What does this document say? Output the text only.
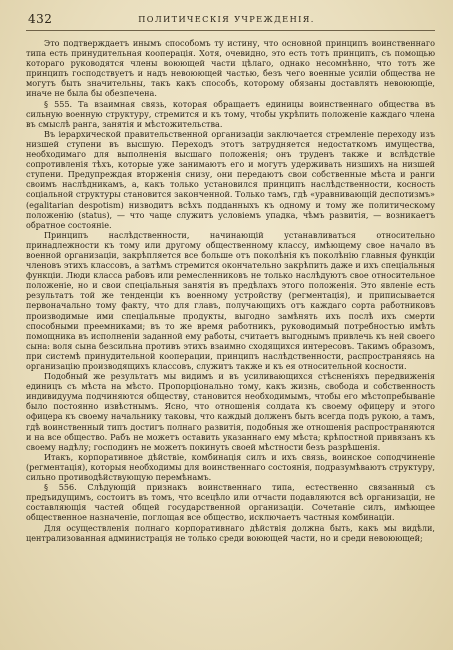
432	ПОЛИТИЧЕСКІЯ УЧРЕЖДЕНІЯ.

Это подтверждаетъ инымъ способомъ ту истину, что основной принципъ воинственнаго типа есть принудительная кооперація. Хотя, очевидно, это есть тотъ принципъ, съ помощью котораго руководятся члены воюющей части цѣлаго, однако несомнѣнно, что тотъ же принципъ господствуетъ и надъ невоюющей частью, безъ чего военные усиліи общества не могутъ быть значительны, такъ какъ способъ, которому обязаны доставлять невоюющіе, иначе не была бы обезпечена.

§ 555. Та взаимная связь, которая обращаетъ единицы воинственнаго общества въ сильную военную структуру, стремится и къ тому, чтобы укрѣпить положеніе каждаго члена въ смыслѣ ранга, занятія и мѣстожительства.

Въ іерархической правительственной организаціи заключается стремленіе переходу изъ низшей ступени въ высшую. Переходъ этотъ затрудняется недостаткомъ имущества, необходимаго для выполненія высшаго положенія; онъ труденъ также и вслѣдствіе сопротивленія тѣхъ, которые уже занимаютъ его и могутъ удерживать низшихъ на низшей ступени. Предупреждая вторженія снизу, они передаютъ свои собственные мѣста и ранги своимъ наслѣдникамъ, а, какъ только установился принципъ наслѣдственности, косность соціальной структуры становится законченной. Только тамъ, гдѣ «уравнивающій деспотизмъ» (egalitarian despotism) низводитъ всѣхъ подданныхъ къ одному и тому же политическому положенію (status), — что чаще служитъ условіемъ упадка, чѣмъ развитія, — возникаетъ обратное состояніе.

Принципъ наслѣдственности, начинающій устанавливаться относительно принадлежности къ тому или другому общественному классу, имѣющему свое начало въ военной организаціи, закрѣпляется все больше отъ поколѣнія къ поколѣнію главныя функціи членовъ этихъ классовъ, а затѣмъ стремится окончательно закрѣпить даже и ихъ спеціальныя функціи. Люди класса рабовъ или ремесленниковъ не только наслѣдуютъ свое относительное положеніе, но и свои спеціальныя занятія въ предѣлахъ этого положенія. Это явленіе есть результатъ той же тенденціи къ военному устройству (регментація), и приписывается первоначально тому факту, что для главъ, получающихъ отъ каждаго сорта работниковъ производимые ими спеціальные продукты, выгодно замѣнять ихъ послѣ ихъ смерти способными преемниками; въ то же время работникъ, руководимый потребностью имѣть помощника въ исполненіи заданной ему работы, считаетъ выгоднымъ привлечь къ ней своего сына: воля сына безсильна противъ этихъ взаимно сходящихся интересовъ. Такимъ образомъ, при системѣ принудительной кооперации, принципъ наслѣдственности, распространяясь на организацію производящихъ классовъ, служитъ также и къ ея относительной косности.

Подобный же результатъ мы видимъ и въ усиливающихся стѣсненіяхъ передвиженія единицъ съ мѣста на мѣсто. Пропорціонально тому, какъ жизнь, свобода и собственность индивидуума подчиняются обществу, становится необходимымъ, чтобы его мѣстопребываніе было постоянно извѣстнымъ. Ясно, что отношенія солдата къ своему офицеру и этого офицера къ своему начальнику таковы, что каждый долженъ быть всегда подъ рукою, а тамъ, гдѣ воинственный типъ достигъ полнаго развитія, подобныя же отношенія распространяются и на все общество. Рабъ не можетъ оставить указаннаго ему мѣста; крѣпостной привязанъ къ своему надѣлу; господинъ не можетъ покинуть своей мѣстности безъ разрѣшенія.

Итакъ, корпоративное дѣйствіе, комбинація силъ и ихъ связь, воинское соподчиненіе (регментація), которыя необходимы для воинственнаго состоянія, подразумѣваютъ структуру, сильно противодѣйствующую перемѣнамъ.

§ 556. Слѣдующій признакъ воинственнаго типа, естественно связанный съ предъидущимъ, состоитъ въ томъ, что всецѣло или отчасти подавляются всѣ организаціи, не составляющія частей общей государственной организаціи. Сочетаніе силъ, имѣющее общественное назначеніе, поглощая все общество, исключаетъ частныя комбинаціи.

Для осуществленія полнаго корпоративнаго дѣйствія должна быть, какъ мы видѣли, централизованная администрація не только среди воюющей части, но и среди невоюющей;
